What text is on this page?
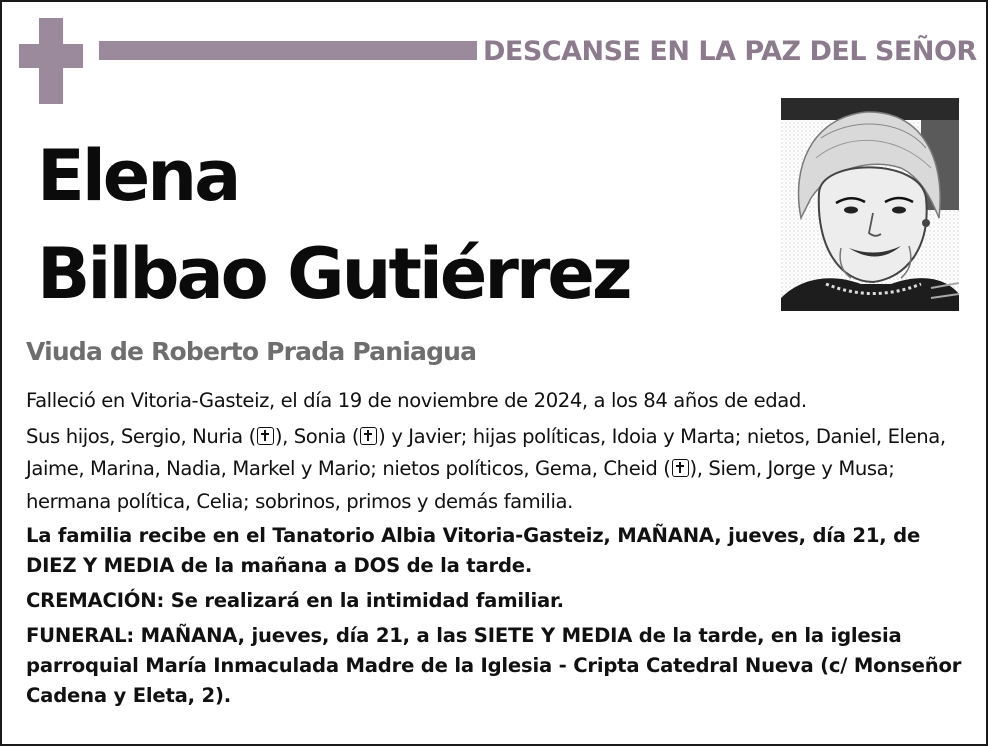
DESCANSE EN LA PAZ DEL SEÑOR
Elena
Bilbao Gutiérrez
Viuda de Roberto Prada Paniagua

Falleció en Vitoria-Gasteiz, el día 19 de noviembre de 2024, a los 84 años de edad.

Sus hijos, Sergio, Nuria ( ), Sonia ( ) y Javier; hijas políticas, Idoia y Marta; nietos, Daniel, Elena, Jaime, Marina, Nadia, Markel y Mario; nietos políticos, Gema, Cheid ( ), Siem, Jorge y Musa; hermana política, Celia; sobrinos, primos y demás familia.

La familia recibe en el Tanatorio Albia Vitoria-Gasteiz, MAÑANA, jueves, día 21, de DIEZ Y MEDIA de la mañana a DOS de la tarde.

CREMACIÓN: Se realizará en la intimidad familiar.

FUNERAL: MAÑANA, jueves, día 21, a las SIETE Y MEDIA de la tarde, en la iglesia parroquial María Inmaculada Madre de la Iglesia - Cripta Catedral Nueva (c/ Monseñor Cadena y Eleta, 2).
